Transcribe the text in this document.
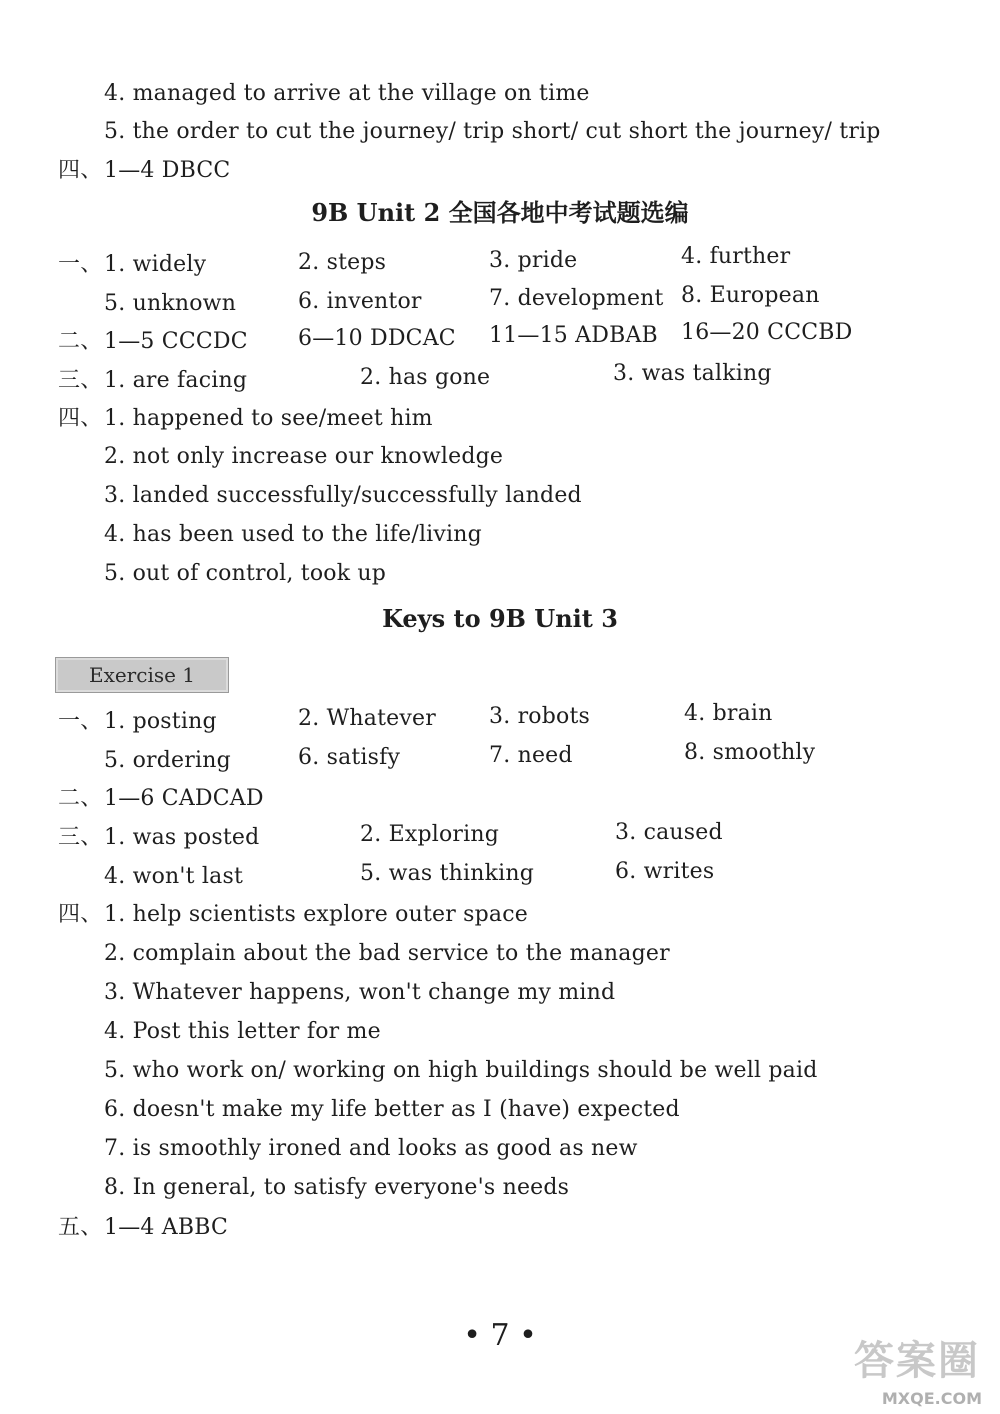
4. managed to arrive at the village on time
5. the order to cut the journey/ trip short/ cut short the journey/ trip
四、 1—4 DBCC
9B Unit 2 全国各地中考试题选编
一、 1. widely	2. steps	3. pride	4. further
5. unknown	6. inventor	7. development 8. European
二、 1—5 CCCDC 6—10 DDCAC 11—15 ADBAB 16—20 CCCBD
三、 1. are facing	2. has gone	3. was talking
四、 1. happened to see/meet him
2. not only increase our knowledge
3. landed successfully/successfully landed
4. has been used to the life/living
5. out of control, took up
Keys to 9B Unit 3
Exercise 1
一、 1. posting	2. Whatever 3. robots	4. brain
5. ordering	6. satisfy	7. need	8. smoothly
二、 1—6 CADCAD
三、 1. was posted	2. Exploring	3. caused
4. won't last	5. was thinking	6. writes
四、 1. help scientists explore outer space
2. complain about the bad service to the manager
3. Whatever happens, won't change my mind
4. Post this letter for me
5. who work on/ working on high buildings should be well paid
6. doesn't make my life better as I (have) expected
7. is smoothly ironed and looks as good as new
8. In general, to satisfy everyone's needs
五、 1—4 ABBC
• 7 •
答案圈
MXQE.COM
